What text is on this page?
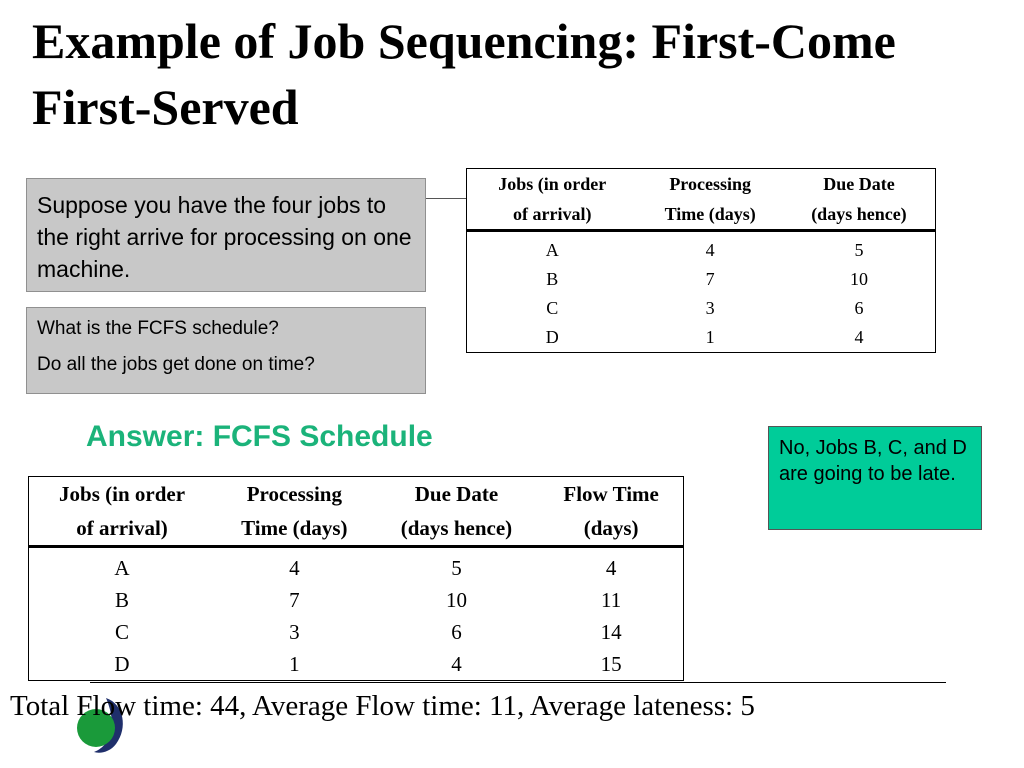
Example of Job Sequencing: First-Come First-Served
Suppose you have the four jobs to the right arrive for processing on one machine.

What is the FCFS schedule?

Do all the jobs get done on time?

Jobs (in order	Processing	Due Date
of arrival)	Time (days)	(days hence)
A	4	5
B	7	10
C	3	6
D	1	4
Answer: FCFS Schedule
Jobs (in order	Processing	Due Date	Flow Time
of arrival)	Time (days)	(days hence)	(days)
A	4	5	4
B	7	10	11
C	3	6	14
D	1	4	15
No, Jobs B, C, and D are going to be late.
Total Flow time: 44, Average Flow time: 11, Average lateness: 5
